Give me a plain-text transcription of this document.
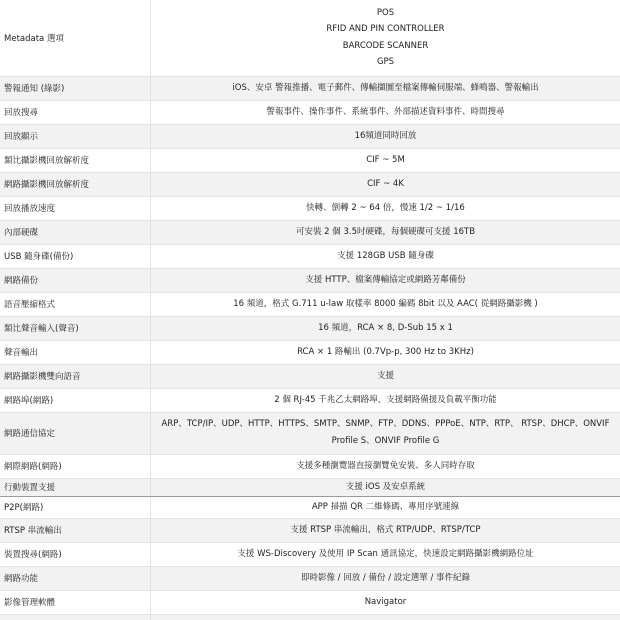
Metadata 選項	POS
RFID AND PIN CONTROLLER
BARCODE SCANNER
GPS

警報通知 (綠影)	iOS、安卓 警報推播、電子郵件、傳輸擷圖至檔案傳輸伺服端、蜂鳴器、警報輸出

回放搜尋	警報事件、操作事件、系統事件、外部描述資料事件、時間搜尋

回放顯示	16頻道同時回放

類比攝影機回放解析度	CIF ~ 5M

網路攝影機回放解析度	CIF ~ 4K

回放播放速度	快轉、倒轉 2 ~ 64 倍，慢速 1/2 ~ 1/16

內部硬碟	可安裝 2 個 3.5吋硬碟，每個硬碟可支援 16TB

USB 隨身碟(備份)	支援 128GB USB 隨身碟

網路備份	支援 HTTP、檔案傳輸協定或網路芳鄰備份

語音壓縮格式	16 頻道，格式 G.711 u-law 取樣率 8000 編碼 8bit 以及 AAC( 從網路攝影機 )

類比聲音輸入(聲音)	16 頻道，RCA × 8, D-Sub 15 x 1

聲音輸出	RCA × 1 路輸出 (0.7Vp-p, 300 Hz to 3KHz)

網路攝影機雙向語音	支援

網路埠(網路)	2 個 RJ-45 千兆乙太網路埠，支援網路備援及負載平衡功能

網路通信協定	ARP、TCP/IP、UDP、HTTP、HTTPS、SMTP、SNMP、FTP、DDNS、PPPoE、NTP、RTP、 RTSP、DHCP、ONVIF
Profile S、ONVIF Profile G

網際網路(網路)	支援多種瀏覽器直接瀏覽免安裝、多人同時存取

行動裝置支援	支援 iOS 及安卓系統

P2P(網路)	APP 掃描 QR 二維條碼、專用序號連線

RTSP 串流輸出	支援 RTSP 串流輸出，格式 RTP/UDP、RTSP/TCP

裝置搜尋(網路)	支援 WS-Discovery 及使用 IP Scan 通訊協定，快速設定網路攝影機網路位址

網路功能	即時影像 / 回放 / 備份 / 設定選單 / 事件紀錄

影像管理軟體	Navigator
